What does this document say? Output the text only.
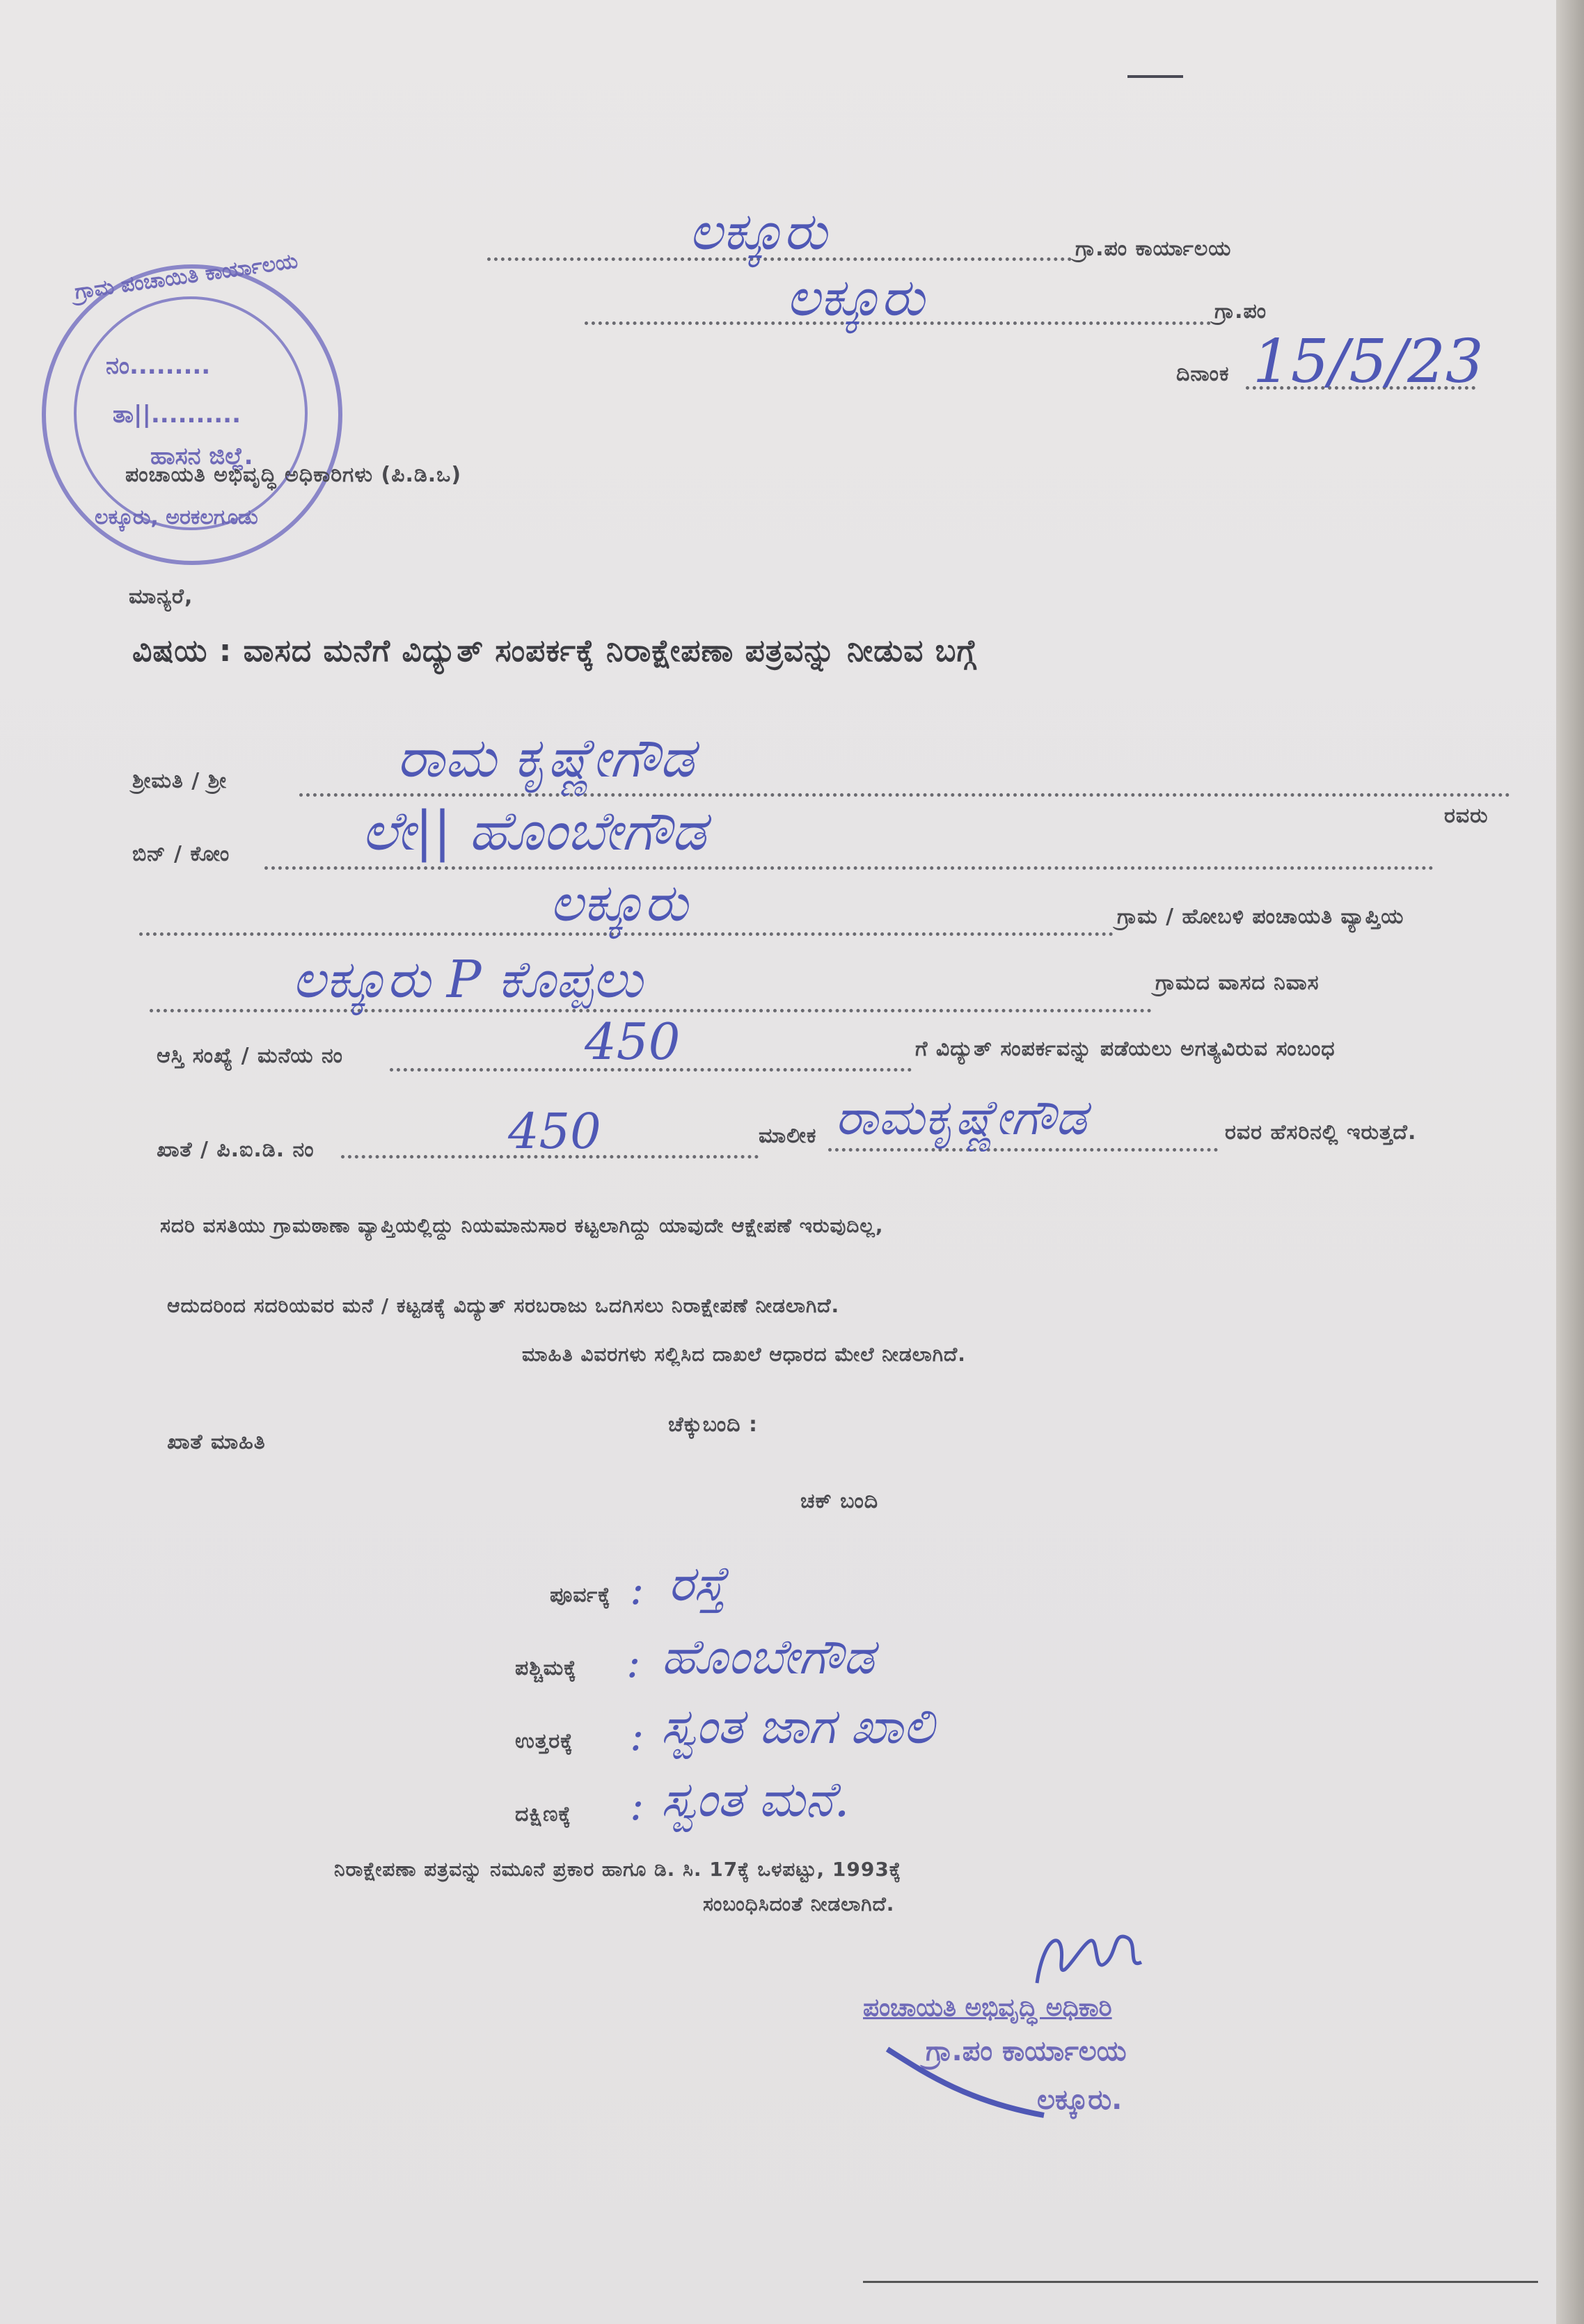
ಲಕ್ಕೂರು	ಗ್ರಾ.ಪಂ ಕಾರ್ಯಾಲಯ
ಲಕ್ಕೂರು	ಗ್ರಾ.ಪಂ
ದಿನಾಂಕ 15/5/23
ಗ್ರಾಮ ಪಂಚಾಯಿತಿ ಕಾರ್ಯಾಲಯ
ನಂ.........
ತಾ||..........
ಹಾಸನ ಜಿಲ್ಲೆ.
ಲಕ್ಕೂರು, ಅರಕಲಗೂಡು
ಪಂಚಾಯತಿ ಅಭಿವೃದ್ಧಿ ಅಧಿಕಾರಿಗಳು (ಪಿ.ಡಿ.ಒ)
ಮಾನ್ಯರೆ,
ವಿಷಯ : ವಾಸದ ಮನೆಗೆ ವಿದ್ಯುತ್ ಸಂಪರ್ಕಕ್ಕೆ ನಿರಾಕ್ಷೇಪಣಾ ಪತ್ರವನ್ನು ನೀಡುವ ಬಗ್ಗೆ
ಶ್ರೀಮತಿ / ಶ್ರೀ	ರಾಮ ಕೃಷ್ಣೇಗೌಡ
ಬಿನ್ / ಕೋಂ ಲೇ|| ಹೊಂಬೇಗೌಡ	ರವರು
ಲಕ್ಕೂರು	ಗ್ರಾಮ / ಹೋಬಳಿ ಪಂಚಾಯತಿ ವ್ಯಾಪ್ತಿಯ
ಲಕ್ಕೂರು P ಕೊಪ್ಪಲು	ಗ್ರಾಮದ ವಾಸದ ನಿವಾಸ
ಆಸ್ತಿ ಸಂಖ್ಯೆ / ಮನೆಯ ನಂ	450	ಗೆ ವಿದ್ಯುತ್ ಸಂಪರ್ಕವನ್ನು ಪಡೆಯಲು ಅಗತ್ಯವಿರುವ ಸಂಬಂಧ
ಖಾತೆ / ಪಿ.ಐ.ಡಿ. ನಂ	450	ಮಾಲೀಕ ರಾಮಕೃಷ್ಣೇಗೌಡ	ರವರ ಹೆಸರಿನಲ್ಲಿ ಇರುತ್ತದೆ.
ಸದರಿ ವಸತಿಯು ಗ್ರಾಮಠಾಣಾ ವ್ಯಾಪ್ತಿಯಲ್ಲಿದ್ದು ನಿಯಮಾನುಸಾರ ಕಟ್ಟಲಾಗಿದ್ದು ಯಾವುದೇ ಆಕ್ಷೇಪಣೆ ಇರುವುದಿಲ್ಲ,
ಆದುದರಿಂದ ಸದರಿಯವರ ಮನೆ / ಕಟ್ಟಡಕ್ಕೆ ವಿದ್ಯುತ್ ಸರಬರಾಜು ಒದಗಿಸಲು ನಿರಾಕ್ಷೇಪಣೆ ನೀಡಲಾಗಿದೆ.
ಮಾಹಿತಿ ವಿವರಗಳು ಸಲ್ಲಿಸಿದ ದಾಖಲೆ ಆಧಾರದ ಮೇಲೆ ನೀಡಲಾಗಿದೆ.
ಖಾತೆ ಮಾಹಿತಿ
ಚೆಕ್ಕುಬಂದಿ :
ಚಕ್ ಬಂದಿ
ಪೂರ್ವಕ್ಕೆ : ರಸ್ತೆ
ಪಶ್ಚಿಮಕ್ಕೆ : ಹೊಂಬೇಗೌಡ
ಉತ್ತರಕ್ಕೆ : ಸ್ವಂತ ಜಾಗ ಖಾಲಿ
ದಕ್ಷಿಣಕ್ಕೆ : ಸ್ವಂತ ಮನೆ.
ನಿರಾಕ್ಷೇಪಣಾ ಪತ್ರವನ್ನು ನಮೂನೆ ಪ್ರಕಾರ ಹಾಗೂ ಡಿ. ಸಿ. 17ಕ್ಕೆ ಒಳಪಟ್ಟು, 1993ಕ್ಕೆ
ಸಂಬಂಧಿಸಿದಂತೆ ನೀಡಲಾಗಿದೆ.
ಪಂಚಾಯತಿ ಅಭಿವೃದ್ಧಿ ಅಧಿಕಾರಿ
ಗ್ರಾ.ಪಂ ಕಾರ್ಯಾಲಯ
ಲಕ್ಕೂರು.
